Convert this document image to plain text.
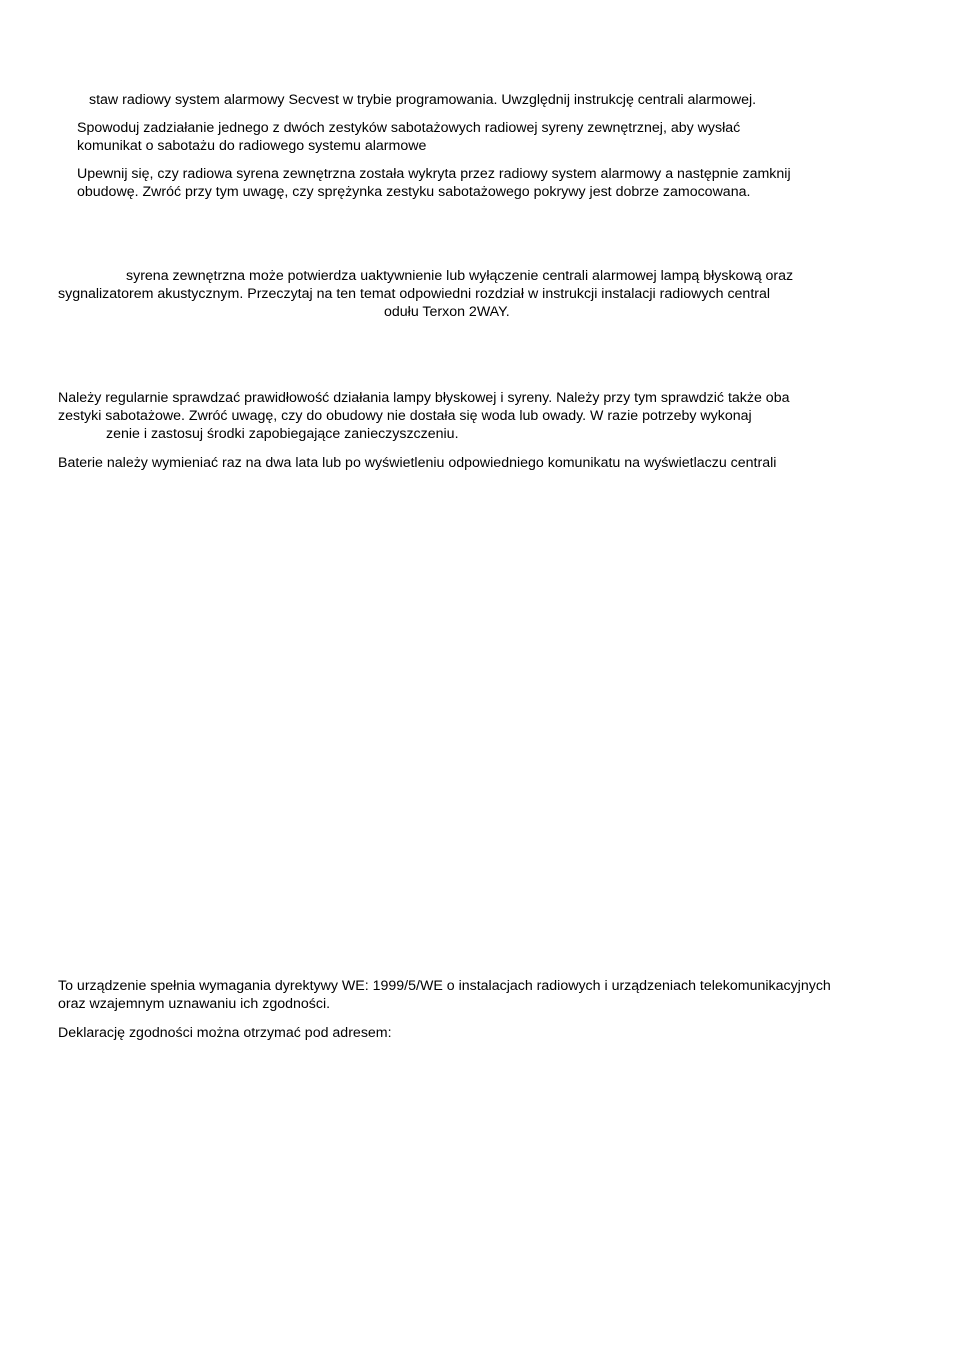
staw radiowy system alarmowy Secvest w trybie programowania. Uwzględnij instrukcję centrali alarmowej.
Spowoduj zadziałanie jednego z dwóch zestyków sabotażowych radiowej syreny zewnętrznej, aby wysłać
komunikat o sabotażu do radiowego systemu alarmowe
Upewnij się, czy radiowa syrena zewnętrzna została wykryta przez radiowy system alarmowy a następnie zamknij
obudowę. Zwróć przy tym uwagę, czy sprężynka zestyku sabotażowego pokrywy jest dobrze zamocowana.
syrena zewnętrzna może potwierdza uaktywnienie lub wyłączenie centrali alarmowej lampą błyskową oraz
sygnalizatorem akustycznym. Przeczytaj na ten temat odpowiedni rozdział w instrukcji instalacji radiowych central
odułu Terxon 2WAY.
Należy regularnie sprawdzać prawidłowość działania lampy błyskowej i syreny. Należy przy tym sprawdzić także oba
zestyki sabotażowe. Zwróć uwagę, czy do obudowy nie dostała się woda lub owady. W razie potrzeby wykonaj
zenie i zastosuj środki zapobiegające zanieczyszczeniu.
Baterie należy wymieniać raz na dwa lata lub po wyświetleniu odpowiedniego komunikatu na wyświetlaczu centrali
To urządzenie spełnia wymagania dyrektywy WE: 1999/5/WE o instalacjach radiowych i urządzeniach telekomunikacyjnych
oraz wzajemnym uznawaniu ich zgodności.
Deklarację zgodności można otrzymać pod adresem:
